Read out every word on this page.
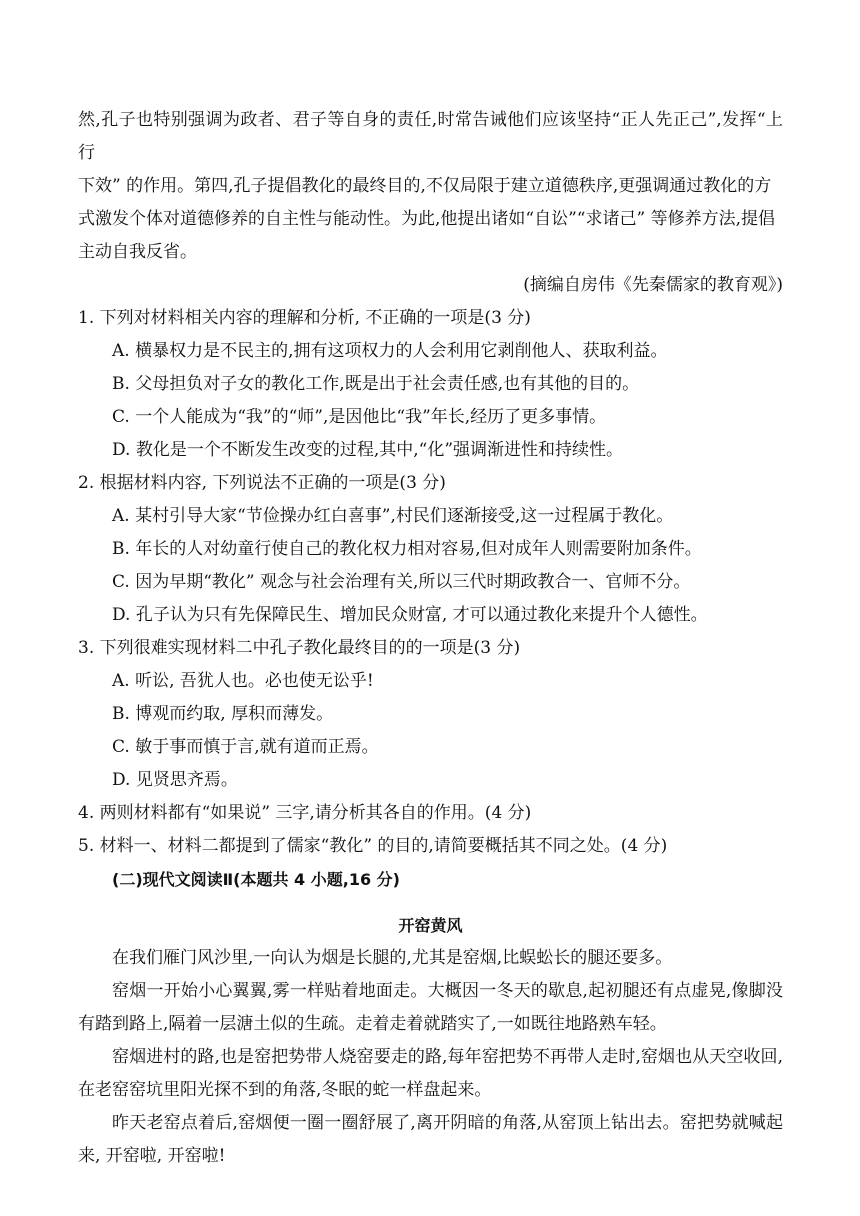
然,孔子也特别强调为政者、君子等自身的责任,时常告诫他们应该坚持“正人先正己”,发挥“上行

下效” 的作用。第四,孔子提倡教化的最终目的,不仅局限于建立道德秩序,更强调通过教化的方

式激发个体对道德修养的自主性与能动性。为此,他提出诸如“自讼”“求诸己” 等修养方法,提倡

主动自我反省。

(摘编自房伟《先秦儒家的教育观》)

1. 下列对材料相关内容的理解和分析, 不正确的一项是(3 分)

A. 横暴权力是不民主的,拥有这项权力的人会利用它剥削他人、获取利益。

B. 父母担负对子女的教化工作,既是出于社会责任感,也有其他的目的。

C. 一个人能成为“我”的“师”,是因他比“我”年长,经历了更多事情。

D. 教化是一个不断发生改变的过程,其中,“化”强调渐进性和持续性。

2. 根据材料内容, 下列说法不正确的一项是(3 分)

A. 某村引导大家“节俭操办红白喜事”,村民们逐渐接受,这一过程属于教化。

B. 年长的人对幼童行使自己的教化权力相对容易,但对成年人则需要附加条件。

C. 因为早期“教化” 观念与社会治理有关,所以三代时期政教合一、官师不分。

D. 孔子认为只有先保障民生、增加民众财富, 才可以通过教化来提升个人德性。

3. 下列很难实现材料二中孔子教化最终目的的一项是(3 分)

A. 听讼, 吾犹人也。必也使无讼乎!

B. 博观而约取, 厚积而薄发。

C. 敏于事而慎于言,就有道而正焉。

D. 见贤思齐焉。

4. 两则材料都有“如果说” 三字,请分析其各自的作用。(4 分)

5. 材料一、材料二都提到了儒家“教化” 的目的,请简要概括其不同之处。(4 分)

(二)现代文阅读Ⅱ(本题共 4 小题,16 分)

开窑黄风

在我们雁门风沙里,一向认为烟是长腿的,尤其是窑烟,比蜈蚣长的腿还要多。

窑烟一开始小心翼翼,雾一样贴着地面走。大概因一冬天的歇息,起初腿还有点虚晃,像脚没有踏到路上,隔着一层溏土似的生疏。走着走着就踏实了,一如既往地路熟车轻。

窑烟进村的路,也是窑把势带人烧窑要走的路,每年窑把势不再带人走时,窑烟也从天空收回,在老窑窑坑里阳光探不到的角落,冬眠的蛇一样盘起来。

昨天老窑点着后,窑烟便一圈一圈舒展了,离开阴暗的角落,从窑顶上钻出去。窑把势就喊起来, 开窑啦, 开窑啦!
